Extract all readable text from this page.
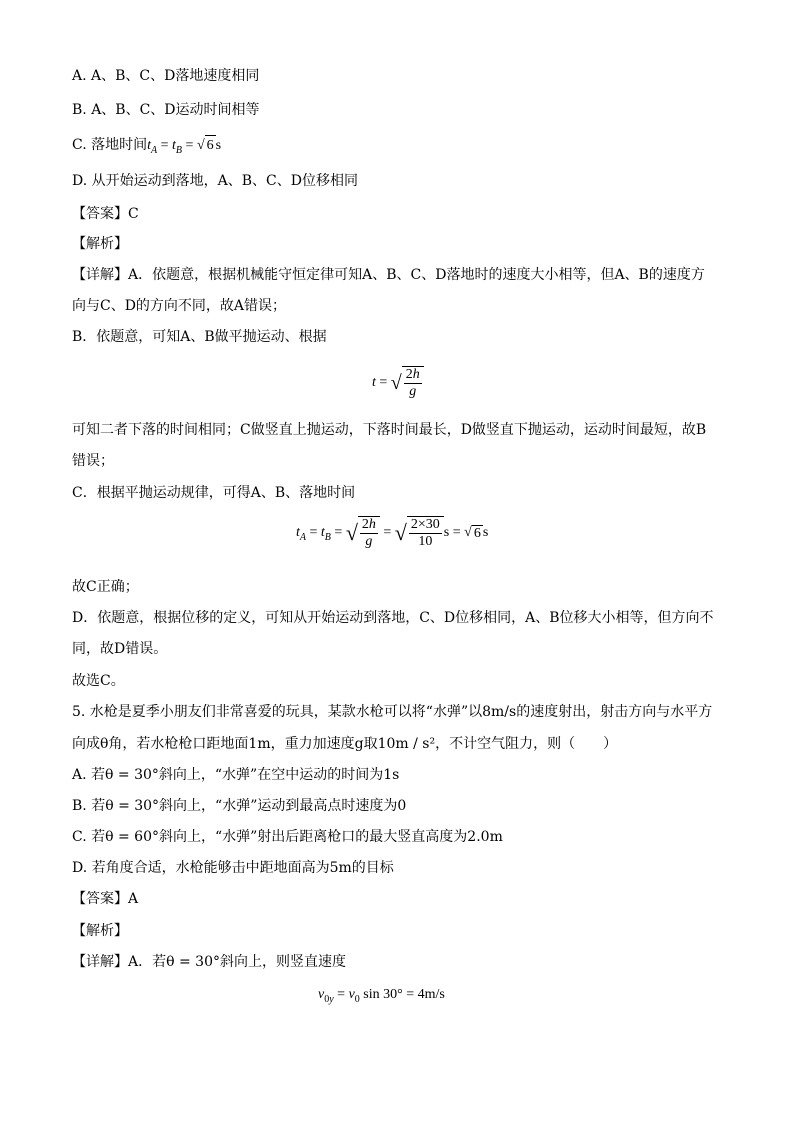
A. A、B、C、D落地速度相同
B. A、B、C、D运动时间相等
C. 落地时间$t_A = t_B$ = √ 6 s
D. 从开始运动到落地，A、B、C、D位移相同
【答案】C
【解析】
【详解】A．依题意，根据机械能守恒定律可知A、B、C、D落地时的速度大小相等，但A、B的速度方
向与C、D的方向不同，故A错误；
B．依题意，可知A、B做平抛运动、根据
t = √ $\frac{2h}{g}$
可知二者下落的时间相同；C做竖直上抛运动，下落时间最长，D做竖直下抛运动，运动时间最短，故B
错误；
C．根据平抛运动规律，可得A、B、落地时间
$t_A = t_B$ = √ $\frac{2h}{g}$ = √ $\frac{2\times 30}{10}$ s = √ 6 s
故C正确；
D．依题意，根据位移的定义，可知从开始运动到落地，C、D位移相同，A、B位移大小相等，但方向不
同，故D错误。
故选C。
5. 水枪是夏季小朋友们非常喜爱的玩具，某款水枪可以将“水弹”以8m/s的速度射出，射击方向与水平方
向成θ角，若水枪枪口距地面1m，重力加速度g取10m / s²，不计空气阻力，则（　　）
A. 若θ = 30°斜向上，“水弹”在空中运动的时间为1s
B. 若θ = 30°斜向上，“水弹”运动到最高点时速度为0
C. 若θ = 60°斜向上，“水弹”射出后距离枪口的最大竖直高度为2.0m
D. 若角度合适，水枪能够击中距地面高为5m的目标
【答案】A
【解析】
【详解】A．若θ = 30°斜向上，则竖直速度
$v_{0y} = v_0$ sin 30° = 4m/s
